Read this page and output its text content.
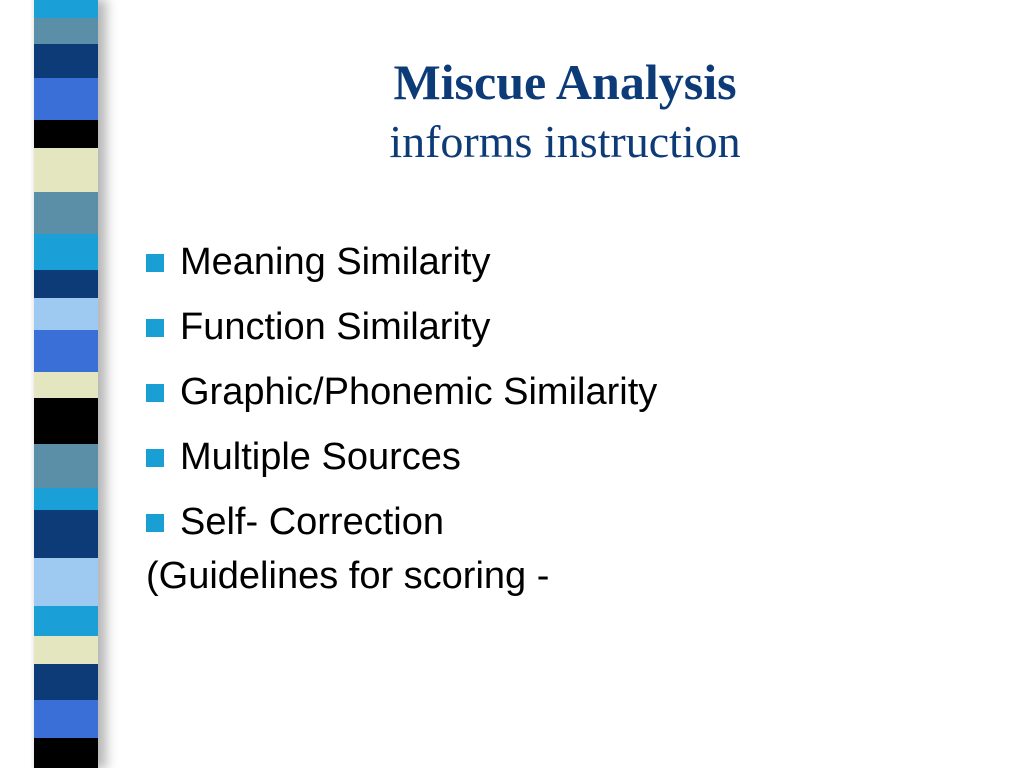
Miscue Analysis
informs instruction
Meaning Similarity
Function Similarity
Graphic/Phonemic Similarity
Multiple Sources
Self- Correction
(Guidelines for scoring -
